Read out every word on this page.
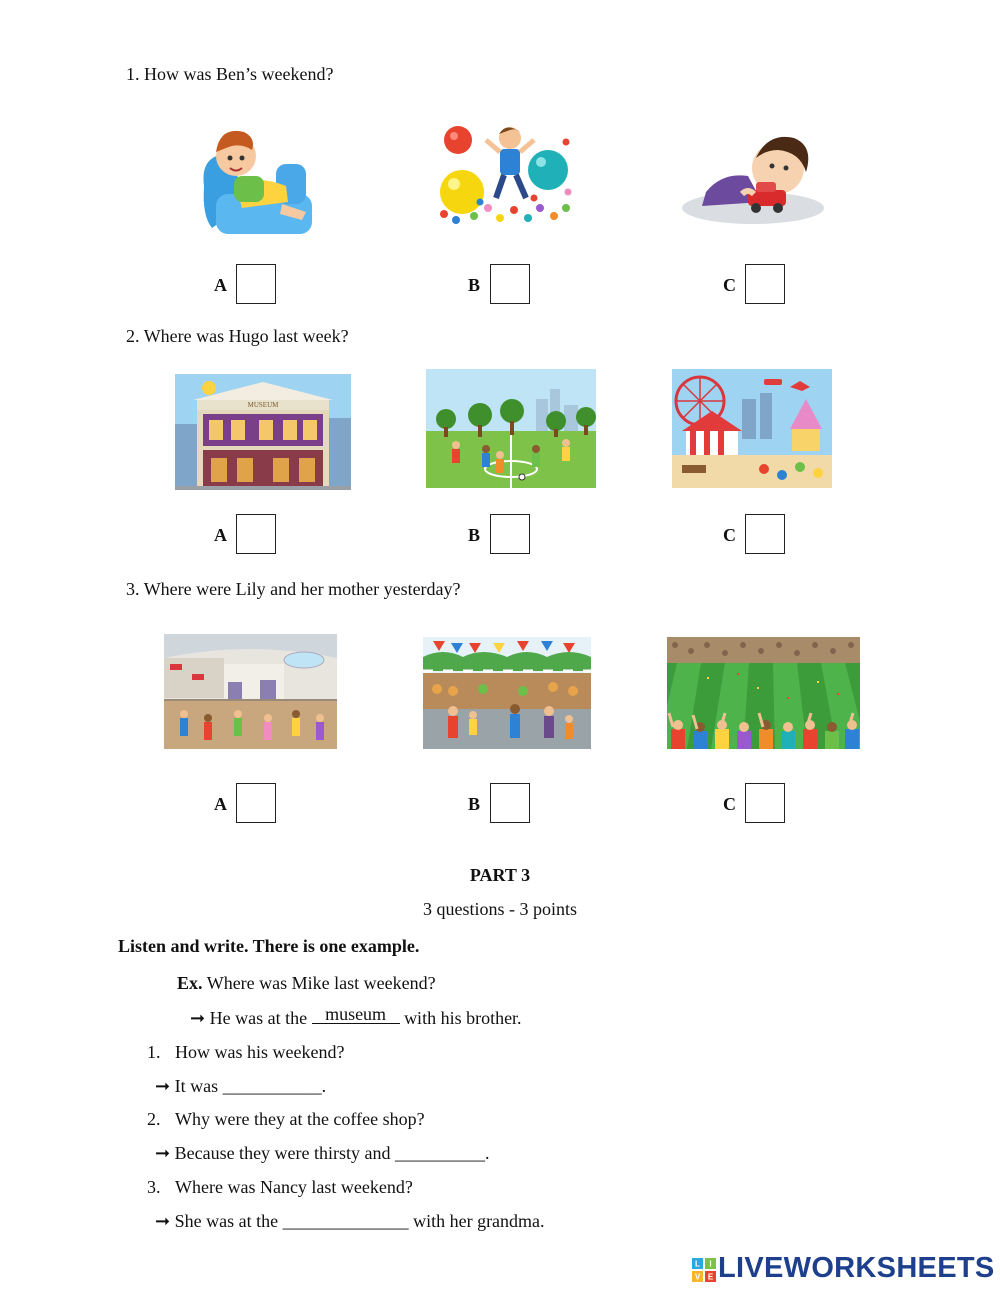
1. How was Ben’s weekend?
A	B	C
2. Where was Hugo last week?
MUSEUM
A	B	C
3. Where were Lily and her mother yesterday?
A	B	C
PART 3
3 questions - 3 points
Listen and write. There is one example.
Ex. Where was Mike last weekend?
➞ He was at the museum with his brother.
1. How was his weekend?
➞ It was ___________.
2. Why were they at the coffee shop?
➞ Because they were thirsty and __________.
3. Where was Nancy last weekend?
➞ She was at the ______________ with her grandma.
L I
V E LIVEWORKSHEETS
